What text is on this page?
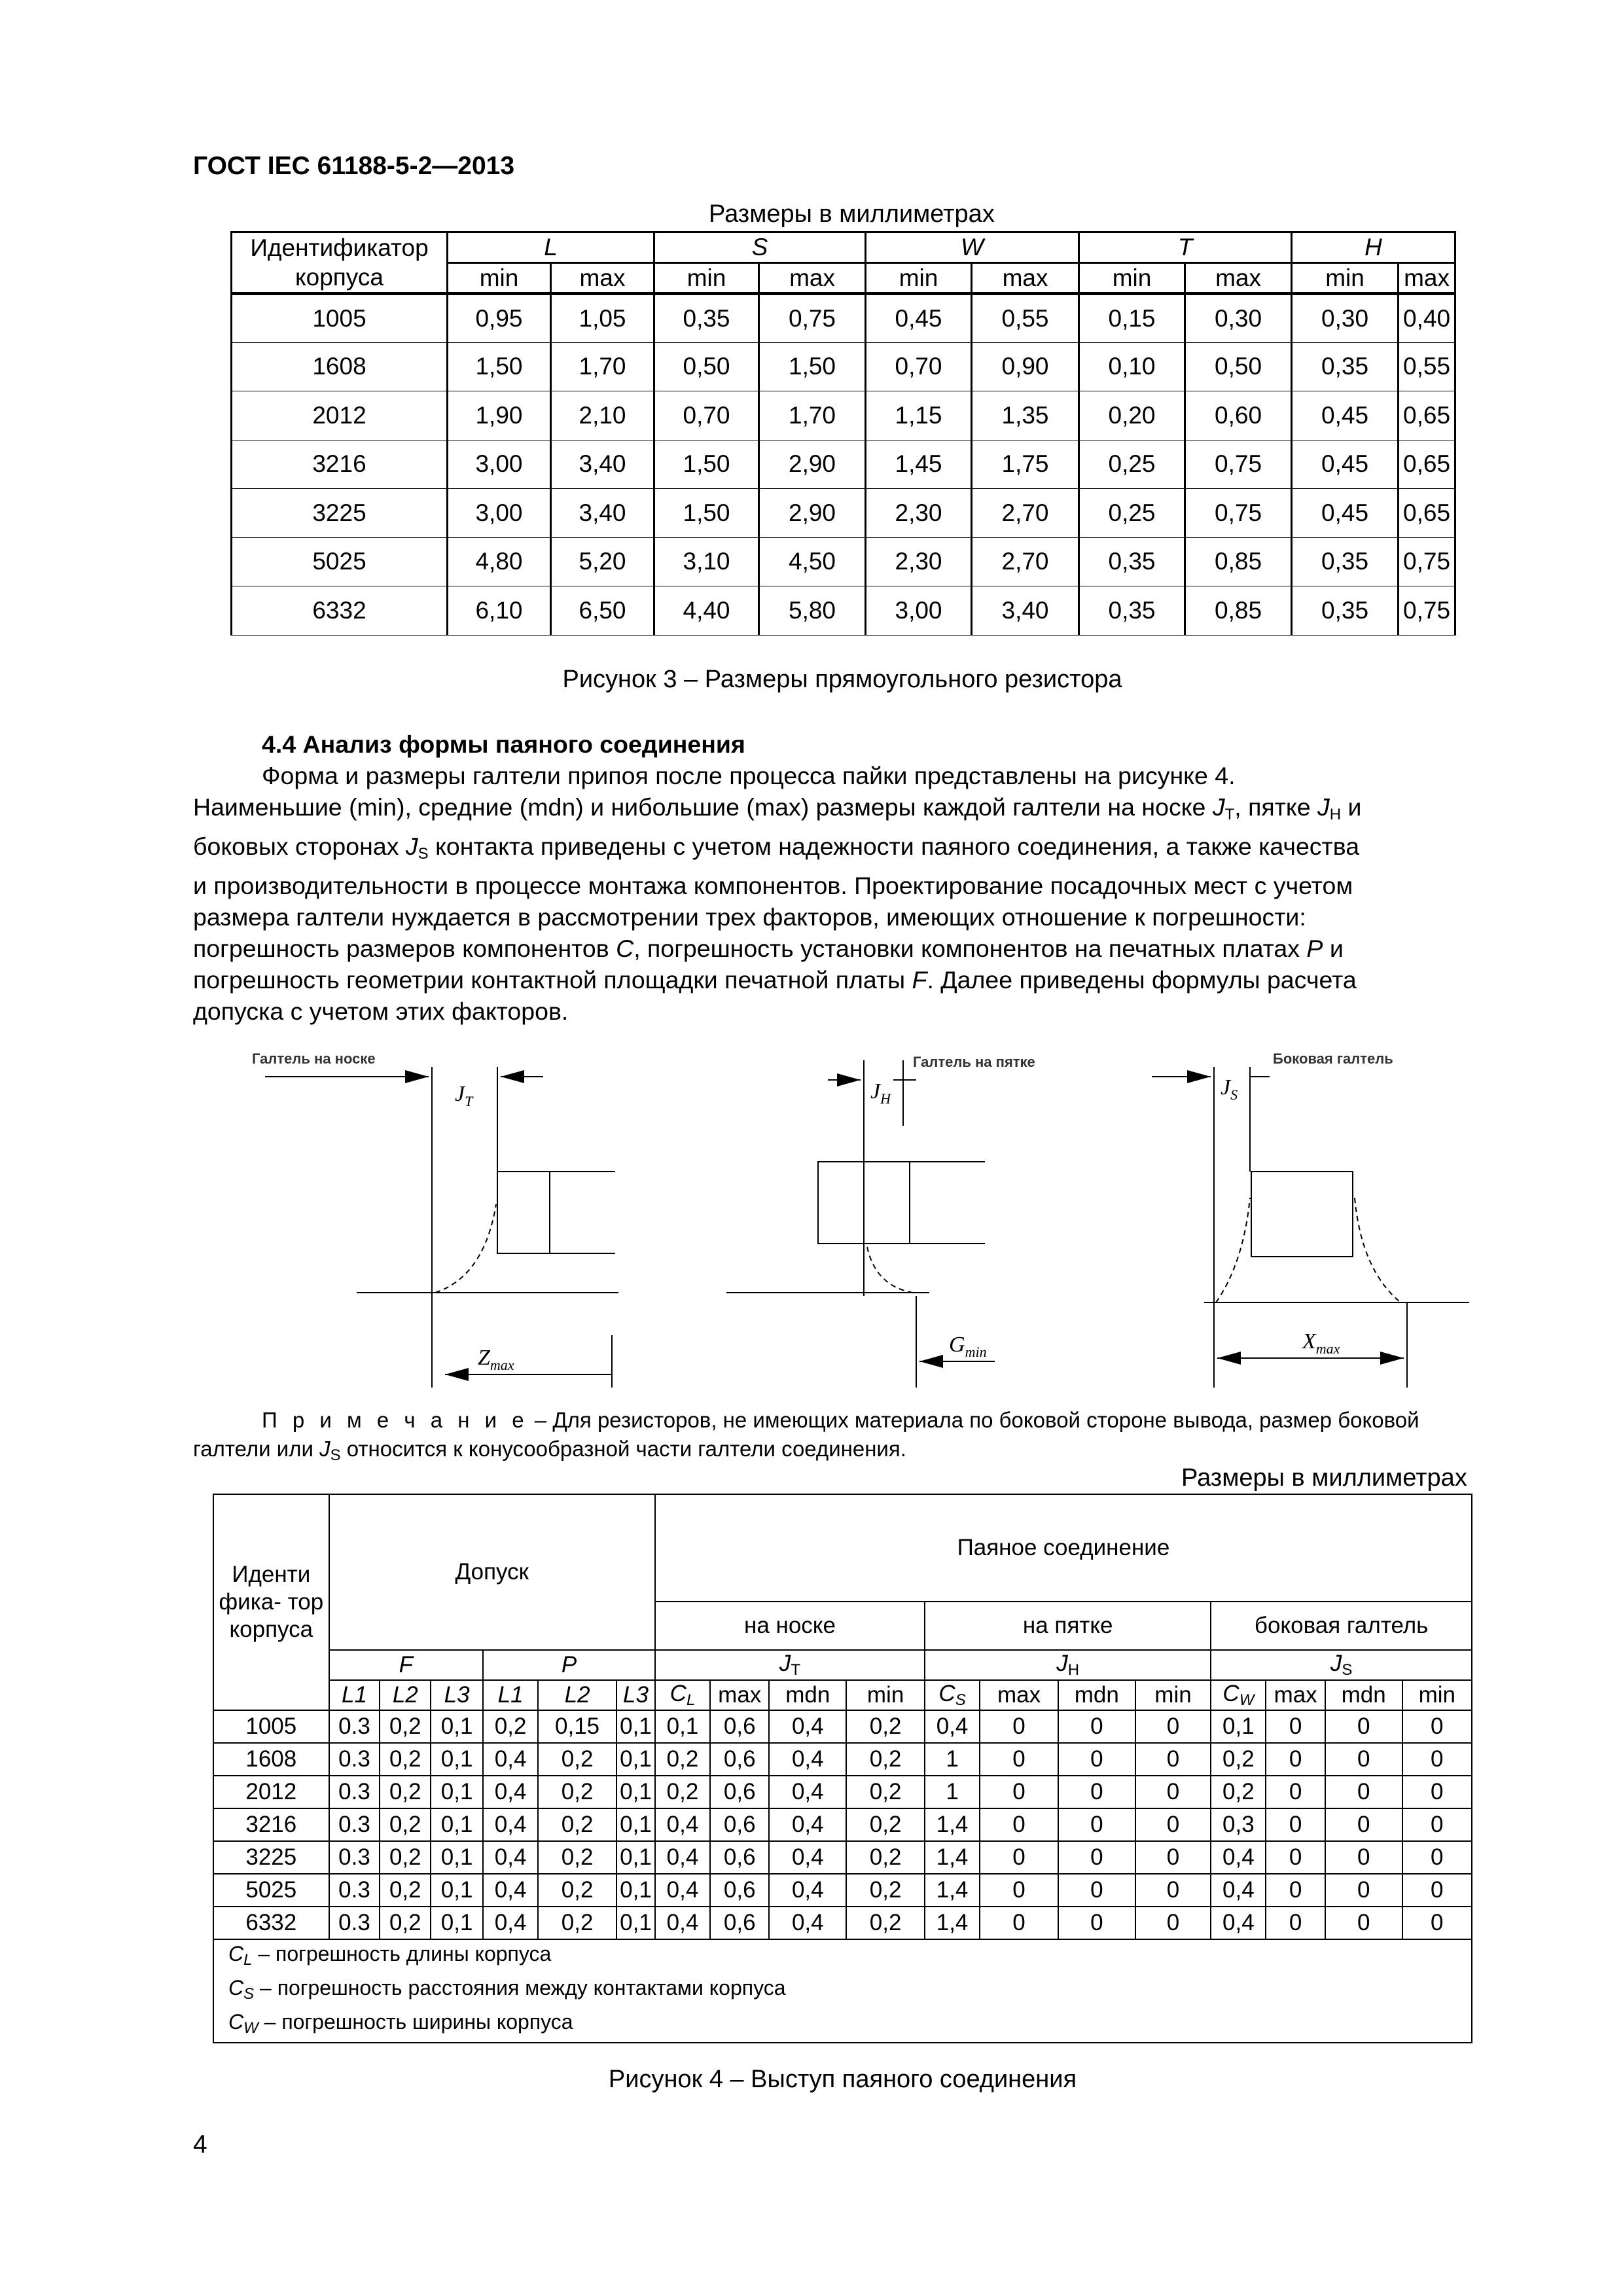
ГОСТ IEC 61188-5-2—2013
Размеры в миллиметрах
Идентификатор	L		S		W		T		H	
корпуса	min	max	min	max	min	max	min	max	min	max
1005	0,95	1,05	0,35	0,75	0,45	0,55	0,15	0,30	0,30	0,40
1608	1,50	1,70	0,50	1,50	0,70	0,90	0,10	0,50	0,35	0,55
2012	1,90	2,10	0,70	1,70	1,15	1,35	0,20	0,60	0,45	0,65
3216	3,00	3,40	1,50	2,90	1,45	1,75	0,25	0,75	0,45	0,65
3225	3,00	3,40	1,50	2,90	2,30	2,70	0,25	0,75	0,45	0,65
5025	4,80	5,20	3,10	4,50	2,30	2,70	0,35	0,85	0,35	0,75
6332	6,10	6,50	4,40	5,80	3,00	3,40	0,35	0,85	0,35	0,75
Рисунок 3 – Размеры прямоугольного резистора

4.4 Анализ формы паяного соединения

Форма и размеры галтели припоя после процесса пайки представлены на рисунке 4.

Наименьшие (min), средние (mdn) и нибольшие (max) размеры каждой галтели на носке $J_T$, пятке $J_H$ и

боковых сторонах $J_S$ контакта приведены с учетом надежности паяного соединения, а также качества

и производительности в процессе монтажа компонентов. Проектирование посадочных мест с учетом

размера галтели нуждается в рассмотрении трех факторов, имеющих отношение к погрешности:

погрешность размеров компонентов C, погрешность установки компонентов на печатных платах P и

погрешность геометрии контактной площадки печатной платы F. Далее приведены формулы расчета

допуска с учетом этих факторов.

$J_T$	$J_H$	$J_S$
$Z_{max}$
$G_{min}$	$X_{max}$
Галтель на носке	Галтель на пятке	Боковая галтель
П р и м е ч а н и е – Для резисторов, не имеющих материала по боковой стороне вывода, размер боковой
галтели или $J_S$ относится к конусообразной части галтели соединения.
Размеры в миллиметрах
Иденти фика- тор корпуса	Допуск						Паяное соединение											
							на носке				на пятке				боковая галтель			
	F			P			$J_T$				$J_H$				$J_S$
	L1	L2	L3	L1	L2	L3	$C_L$	max	mdn	min	$C_S$	max	mdn	min	$C_W$	max	mdn	min
1005	0.3	0,2	0,1	0,2	0,15	0,1	0,1	0,6	0,4	0,2	0,4	0	0	0	0,1	0	0	0
1608	0.3	0,2	0,1	0,4	0,2	0,1	0,2	0,6	0,4	0,2	1	0	0	0	0,2	0	0	0
2012	0.3	0,2	0,1	0,4	0,2	0,1	0,2	0,6	0,4	0,2	1	0	0	0	0,2	0	0	0
3216	0.3	0,2	0,1	0,4	0,2	0,1	0,4	0,6	0,4	0,2	1,4	0	0	0	0,3	0	0	0
3225	0.3	0,2	0,1	0,4	0,2	0,1	0,4	0,6	0,4	0,2	1,4	0	0	0	0,4	0	0	0
5025	0.3	0,2	0,1	0,4	0,2	0,1	0,4	0,6	0,4	0,2	1,4	0	0	0	0,4	0	0	0
6332	0.3	0,2	0,1	0,4	0,2	0,1	0,4	0,6	0,4	0,2	1,4	0	0	0	0,4	0	0	0

$C_L$ – погрешность длины корпуса
$C_S$ – погрешность расстояния между контактами корпуса
$C_W$ – погрешность ширины корпуса																		
Рисунок 4 – Выступ паяного соединения
4
